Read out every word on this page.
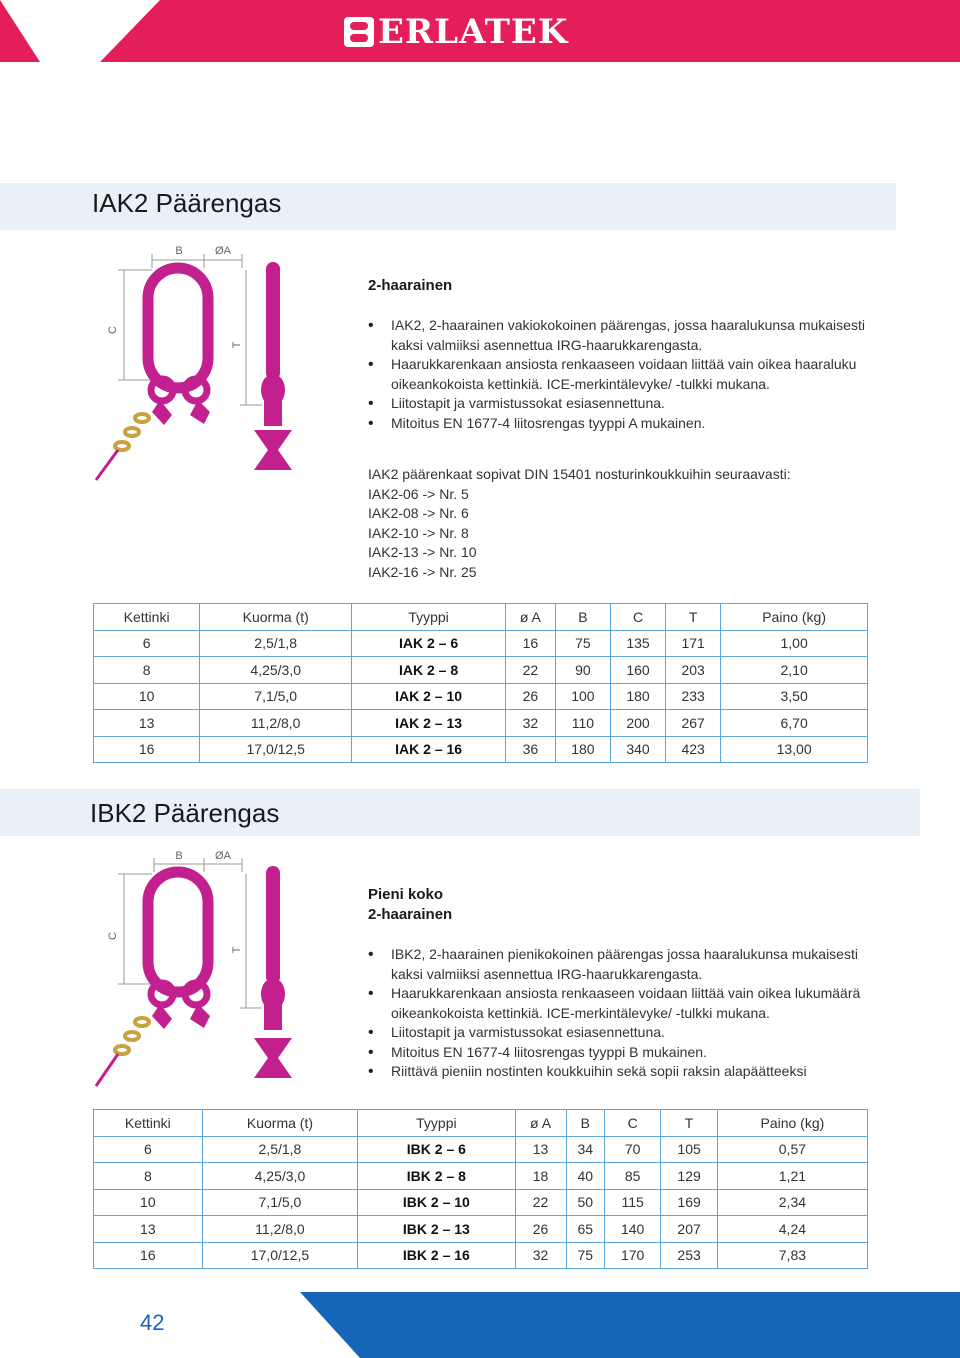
ERLATEK
IAK2 Päärengas
B	ØA
C
T
2-haarainen
• IAK2, 2-haarainen vakiokokoinen päärengas, jossa haaralukunsa mukaisesti kaksi valmiiksi asennettua IRG-haarukkarengasta.
• Haarukkarenkaan ansiosta renkaaseen voidaan liittää vain oikea haaraluku oikeankokoista kettinkiä. ICE-merkintälevyke/ -tulkki mukana.
• Liitostapit ja varmistussokat esiasennettuna.
• Mitoitus EN 1677-4 liitosrengas tyyppi A mukainen.

IAK2 päärenkaat sopivat DIN 15401 nosturinkoukkuihin seuraavasti:

IAK2-06 -> Nr. 5

IAK2-08 -> Nr. 6

IAK2-10 -> Nr. 8

IAK2-13 -> Nr. 10

IAK2-16 -> Nr. 25

Kettinki	Kuorma (t)	Tyyppi	ø A	B	C	T	Paino (kg)
6	2,5/1,8	IAK 2 – 6	16	75	135	171	1,00
8	4,25/3,0	IAK 2 – 8	22	90	160	203	2,10
10	7,1/5,0	IAK 2 – 10	26	100	180	233	3,50
13	11,2/8,0	IAK 2 – 13	32	110	200	267	6,70
16	17,0/12,5	IAK 2 – 16	36	180	340	423	13,00
IBK2 Päärengas
B	ØA
C
T
Pieni koko
2-haarainen
• IBK2, 2-haarainen pienikokoinen päärengas jossa haaralukunsa mukaisesti kaksi valmiiksi asennettua IRG-haarukkarengasta.
• Haarukkarenkaan ansiosta renkaaseen voidaan liittää vain oikea lukumäärä oikeankokoista kettinkiä. ICE-merkintälevyke/ -tulkki mukana.
• Liitostapit ja varmistussokat esiasennettuna.
• Mitoitus EN 1677-4 liitosrengas tyyppi B mukainen.
• Riittävä pieniin nostinten koukkuihin sekä sopii raksin alapäätteeksi
Kettinki	Kuorma (t)	Tyyppi	ø A	B	C	T	Paino (kg)
6	2,5/1,8	IBK 2 – 6	13	34	70	105	0,57
8	4,25/3,0	IBK 2 – 8	18	40	85	129	1,21
10	7,1/5,0	IBK 2 – 10	22	50	115	169	2,34
13	11,2/8,0	IBK 2 – 13	26	65	140	207	4,24
16	17,0/12,5	IBK 2 – 16	32	75	170	253	7,83
42
